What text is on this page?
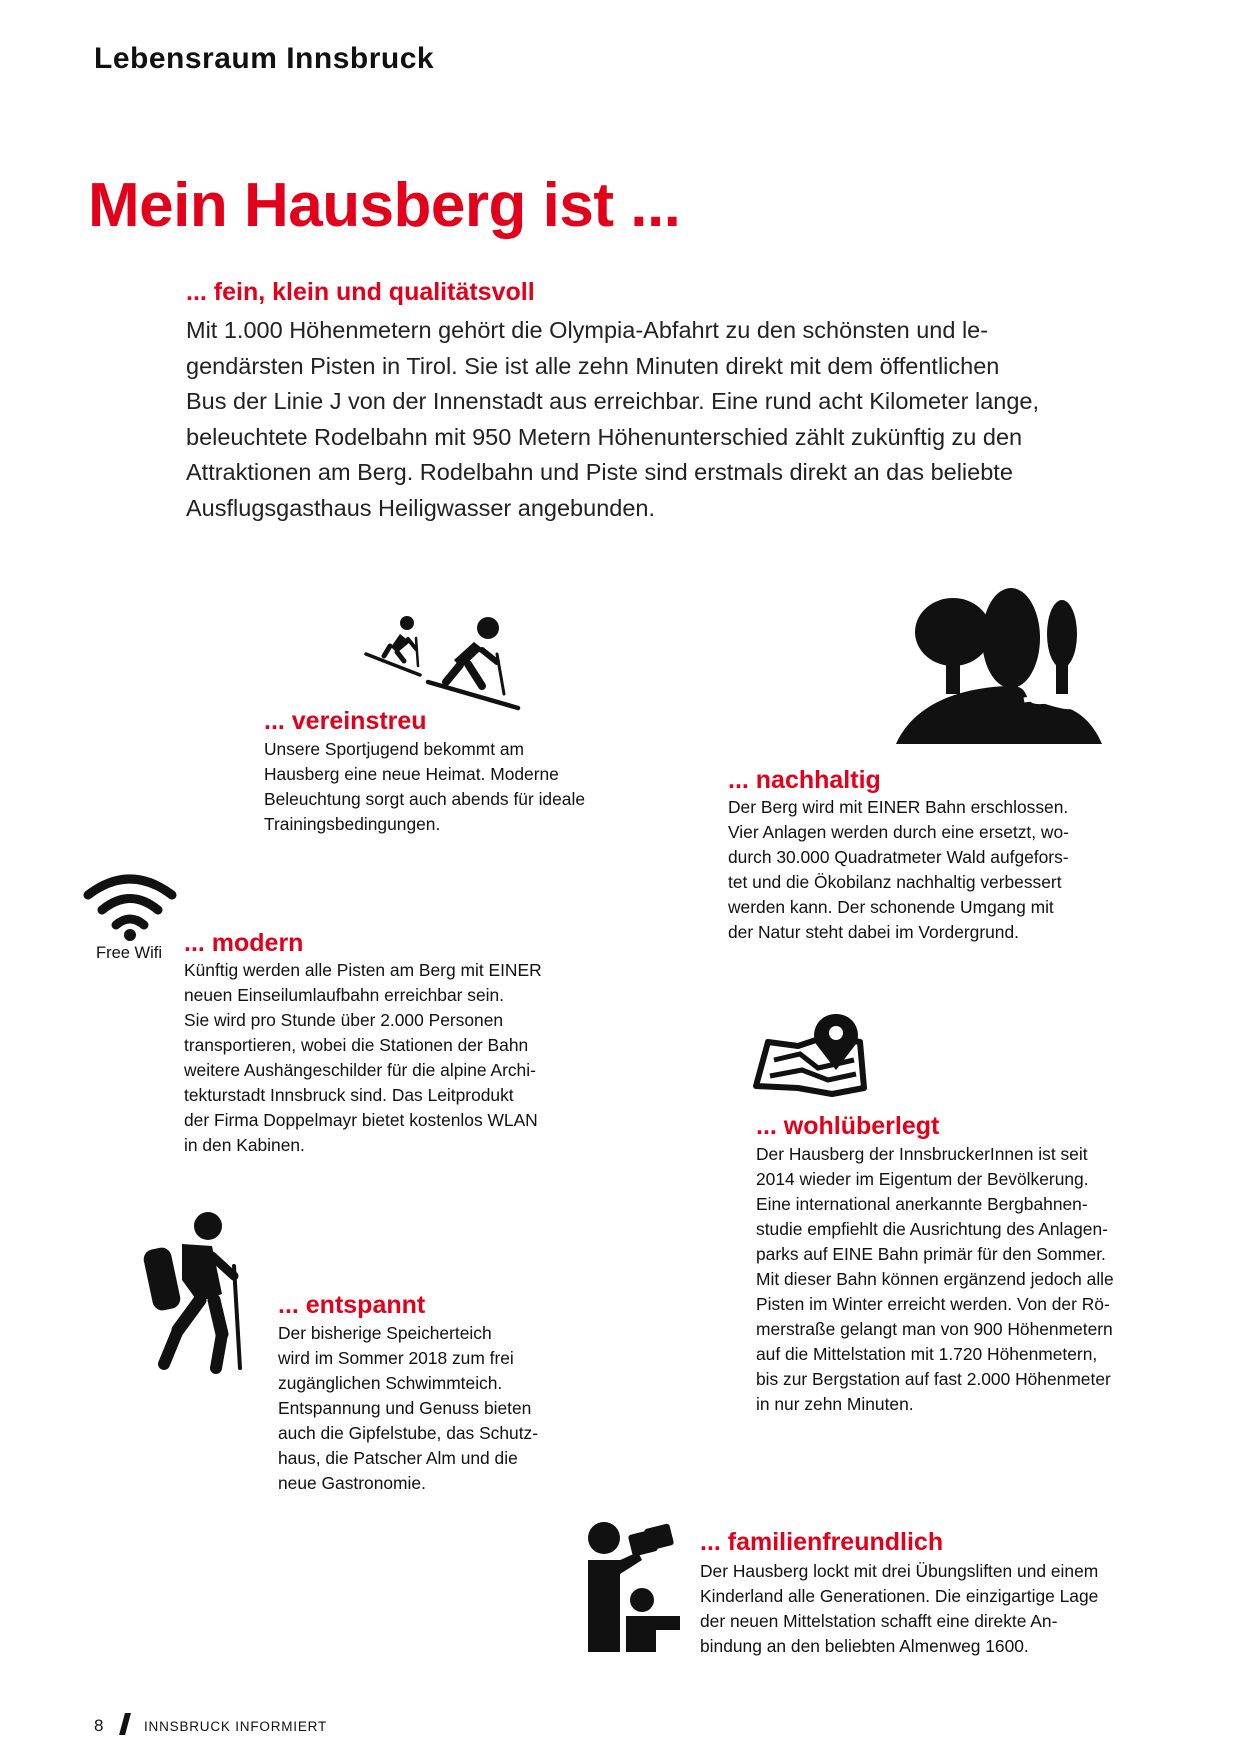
Lebensraum Innsbruck
Mein Hausberg ist ...
... fein, klein und qualitätsvoll

Mit 1.000 Höhenmetern gehört die Olympia-Abfahrt zu den schönsten und le-
gendärsten Pisten in Tirol. Sie ist alle zehn Minuten direkt mit dem öffentlichen
Bus der Linie J von der Innenstadt aus erreichbar. Eine rund acht Kilometer lange,
beleuchtete Rodelbahn mit 950 Metern Höhenunterschied zählt zukünftig zu den
Attraktionen am Berg. Rodelbahn und Piste sind erstmals direkt an das beliebte
Ausflugsgasthaus Heiligwasser angebunden.

... vereinstreu

Unsere Sportjugend bekommt am
Hausberg eine neue Heimat. Moderne
Beleuchtung sorgt auch abends für ideale
Trainingsbedingungen.

... nachhaltig

Der Berg wird mit EINER Bahn erschlossen.
Vier Anlagen werden durch eine ersetzt, wo-
durch 30.000 Quadratmeter Wald aufgefors-
tet und die Ökobilanz nachhaltig verbessert
werden kann. Der schonende Umgang mit
der Natur steht dabei im Vordergrund.

Free Wifi ... modern

Künftig werden alle Pisten am Berg mit EINER
neuen Einseilumlaufbahn erreichbar sein.
Sie wird pro Stunde über 2.000 Personen
transportieren, wobei die Stationen der Bahn
weitere Aushängeschilder für die alpine Archi-
tekturstadt Innsbruck sind. Das Leitprodukt
der Firma Doppelmayr bietet kostenlos WLAN
in den Kabinen.

... wohlüberlegt

Der Hausberg der InnsbruckerInnen ist seit
2014 wieder im Eigentum der Bevölkerung.
Eine international anerkannte Bergbahnen-
studie empfiehlt die Ausrichtung des Anlagen-
parks auf EINE Bahn primär für den Sommer.
Mit dieser Bahn können ergänzend jedoch alle
Pisten im Winter erreicht werden. Von der Rö-
merstraße gelangt man von 900 Höhenmetern
auf die Mittelstation mit 1.720 Höhenmetern,
bis zur Bergstation auf fast 2.000 Höhenmeter
in nur zehn Minuten.

... entspannt

Der bisherige Speicherteich
wird im Sommer 2018 zum frei
zugänglichen Schwimmteich.
Entspannung und Genuss bieten
auch die Gipfelstube, das Schutz-
haus, die Patscher Alm und die
neue Gastronomie.

... familienfreundlich

Der Hausberg lockt mit drei Übungsliften und einem
Kinderland alle Generationen. Die einzigartige Lage
der neuen Mittelstation schafft eine direkte An-
bindung an den beliebten Almenweg 1600.

8	INNSBRUCK INFORMIERT
